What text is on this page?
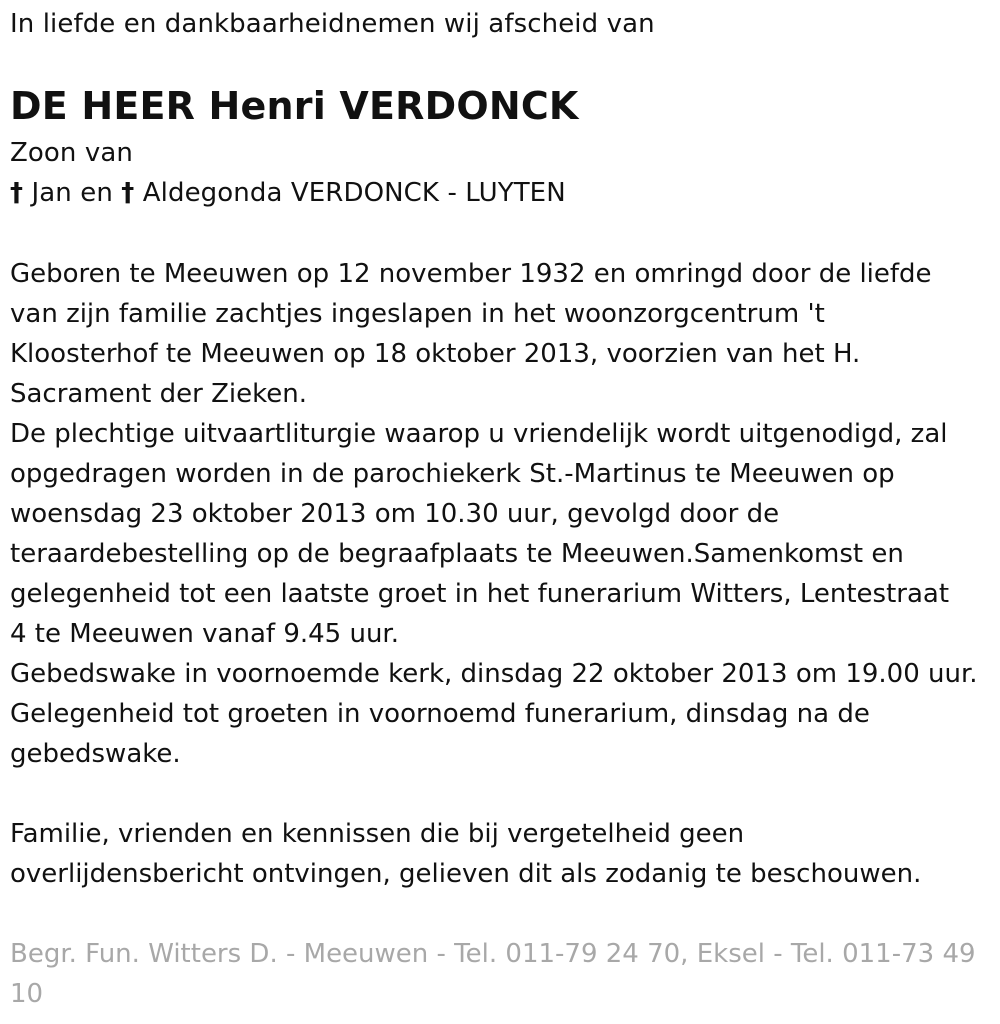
In liefde en dankbaarheidnemen wij afscheid van
DE HEER Henri VERDONCK
Zoon van
† Jan en † Aldegonda VERDONCK - LUYTEN
Geboren te Meeuwen op 12 november 1932 en omringd door de liefde
van zijn familie zachtjes ingeslapen in het woonzorgcentrum 't
Kloosterhof te Meeuwen op 18 oktober 2013, voorzien van het H.
Sacrament der Zieken.
De plechtige uitvaartliturgie waarop u vriendelijk wordt uitgenodigd, zal
opgedragen worden in de parochiekerk St.-Martinus te Meeuwen op
woensdag 23 oktober 2013 om 10.30 uur, gevolgd door de
teraardebestelling op de begraafplaats te Meeuwen.Samenkomst en
gelegenheid tot een laatste groet in het funerarium Witters, Lentestraat
4 te Meeuwen vanaf 9.45 uur.
Gebedswake in voornoemde kerk, dinsdag 22 oktober 2013 om 19.00 uur.
Gelegenheid tot groeten in voornoemd funerarium, dinsdag na de
gebedswake.
Familie, vrienden en kennissen die bij vergetelheid geen
overlijdensbericht ontvingen, gelieven dit als zodanig te beschouwen.
Begr. Fun. Witters D. - Meeuwen - Tel. 011-79 24 70, Eksel - Tel. 011-73 49
10
